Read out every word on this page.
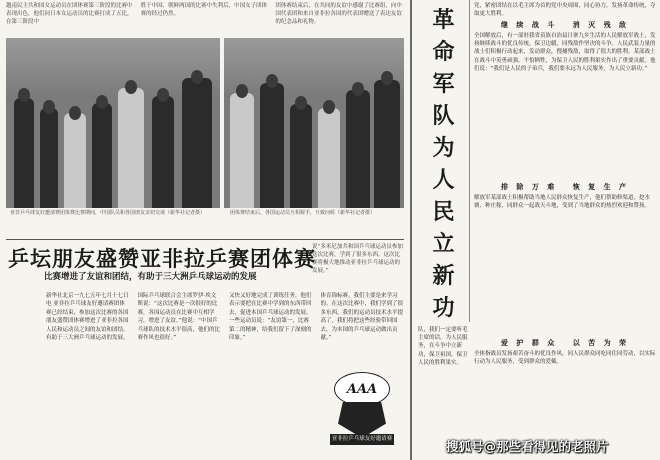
越南民主共和国女运动员在团体赛第三阶段的比赛中表现出色，他们同日本女运动员的比赛打成了五比，在第三阶段中
胜于中国、朝鲜两国的比赛中失利后，中国女子团体赛的经过仍然。
团体赛结束后，在共同的友谊中感谢了比赛组，向中国代表团和来自亚非拉各国的代表团赠送了表达友谊的纪念品和礼物。
亚非乒乓球友好邀请赛团体赛比赛期间，中国队员和各国朋友亲切交谈（新华社记者摄）	团体赛结束后，各国运动员互相握手，互致问候（新华社记者摄）
乒坛朋友盛赞亚非拉乒赛团体赛
说“多米尼加共和国乒乓球运动员参加这次比赛，学到了很多东西。这次比赛将极大地推动亚非拉乒乓球运动的发展。”
比赛增进了友谊和团结，有助于三大洲乒乓球运动的发展
新华社北京一九七五年七月十七日电 亚非拉乒乓球友好邀请赛团体赛已经结束，参加这次比赛的各国朋友盛赞团体赛增进了亚非拉各国人民和运动员之间的友谊和团结，有助于三大洲乒乓球运动的发展。
国际乒乓球联合会主席罗伊·埃文斯说：“这次比赛是一次很好的比赛，各国运动员在比赛中互相学习，增进了友谊。”他说：“中国乒乓球队的技术水平很高，他们的比赛作风也很好。”
又快又好地完成了训练任务，他们表示要把在比赛中学到的东西带回去，促进本国乒乓球运动的发展。一些运动员说：“友谊第一，比赛第二的精神，给我们留下了深刻的印象。”
体育锦标赛。我们主要是来学习的。在这次比赛中，我们学到了很多东西，我们的运动员技术水平提高了，我们将把这些经验带回国去，为本国的乒乓球运动做出贡献。”
AAA
亚非拉乒乓球友好邀请赛
革
命
军
队
为
人
民
立
新
功
队，我们一定要听毛主席的话，为人民服务，在斗争中立新功，保卫祖国，保卫人民的胜利果实。
党，紧密团结在以毛主席为首的党中央周围，同心协力，发扬革命传统，夺取更大胜利。
继 续 战 斗　 消 灭 残 敌
全国解放后，有一部驻我省苗族自治县日寨九乡生活的人民解放军战士，发扬继续战斗的优良传统，保卫边疆，同残敌作坚决的斗争。人民武装力量的战士们积极行动起来，发动群众，搜捕残敌，取得了很大的胜利。某部战士在战斗中英勇顽强，不怕牺牲，为保卫人民的胜利果实作出了重要贡献。他们说：“我们是人民的子弟兵，我们要永远为人民服务，为人民立新功。”
排 除 万 难　 恢 复 生 产
解放军某部战士积极帮助当地人民群众恢复生产，他们帮助修渠道、挖水塘、种庄稼，同群众一起战天斗地，受到了当地群众的热烈欢迎和赞扬。
爱 护 群 众　 以 苦 为 荣
全体指战员发扬艰苦奋斗的优良作风，同人民群众同吃同住同劳动，以实际行动为人民服务，受到群众的爱戴。
搜狐号@那些看得见的老照片
